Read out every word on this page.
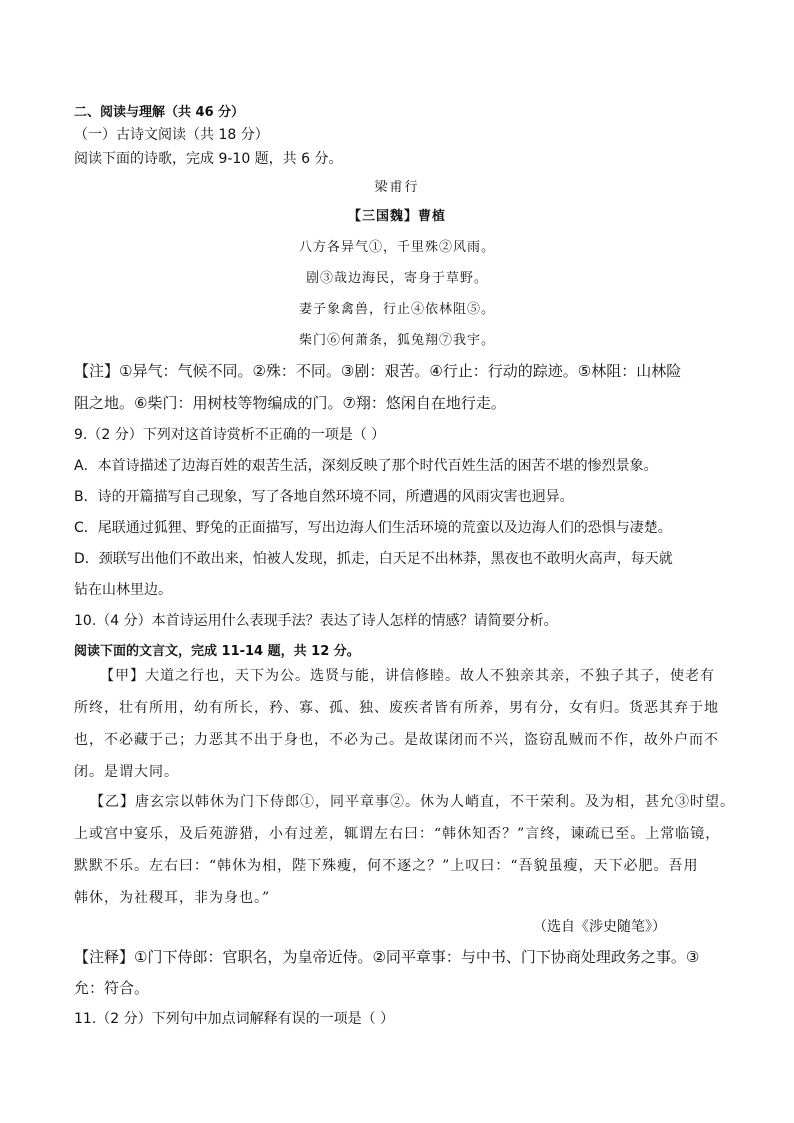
二、阅读与理解（共 46 分）
（一）古诗文阅读（共 18 分）
阅读下面的诗歌，完成 9-10 题，共 6 分。
梁甫行
【三国魏】曹植
八方各异气①，千里殊②风雨。
剧③哉边海民，寄身于草野。
妻子象禽兽，行止④依林阻⑤。
柴门⑥何萧条，狐兔翔⑦我宇。
【注】①异气：气候不同。②殊：不同。③剧：艰苦。④行止：行动的踪迹。⑤林阻：山林险
阻之地。⑥柴门：用树枝等物编成的门。⑦翔：悠闲自在地行走。
9.（2 分）下列对这首诗赏析不正确的一项是（ ）
A．本首诗描述了边海百姓的艰苦生活，深刻反映了那个时代百姓生活的困苦不堪的惨烈景象。
B．诗的开篇描写自己现象，写了各地自然环境不同，所遭遇的风雨灾害也迥异。
C．尾联通过狐狸、野兔的正面描写，写出边海人们生活环境的荒蛮以及边海人们的恐惧与凄楚。
D．颈联写出他们不敢出来，怕被人发现，抓走，白天足不出林莽，黑夜也不敢明火高声，每天就
钻在山林里边。
10.（4 分）本首诗运用什么表现手法？表达了诗人怎样的情感？请简要分析。
阅读下面的文言文，完成 11-14 题，共 12 分。
【甲】大道之行也，天下为公。选贤与能，讲信修睦。故人不独亲其亲，不独子其子，使老有
所终，壮有所用，幼有所长，矜、寡、孤、独、废疾者皆有所养，男有分，女有归。货恶其弃于地
也，不必藏于己；力恶其不出于身也，不必为己。是故谋闭而不兴，盗窃乱贼而不作，故外户而不
闭。是谓大同。
【乙】唐玄宗以韩休为门下侍郎①，同平章事②。休为人峭直，不干荣利。及为相，甚允③时望。
上或宫中宴乐，及后苑游猎，小有过差，辄谓左右曰：“韩休知否？”言终，谏疏已至。上常临镜，
默默不乐。左右曰：“韩休为相，陛下殊瘦，何不逐之？”上叹曰：“吾貌虽瘦，天下必肥。吾用
韩休，为社稷耳，非为身也。”
（选自《涉史随笔》）
【注释】①门下侍郎：官职名，为皇帝近侍。②同平章事：与中书、门下协商处理政务之事。③
允：符合。
11.（2 分）下列句中加点词解释有误的一项是（ ）
